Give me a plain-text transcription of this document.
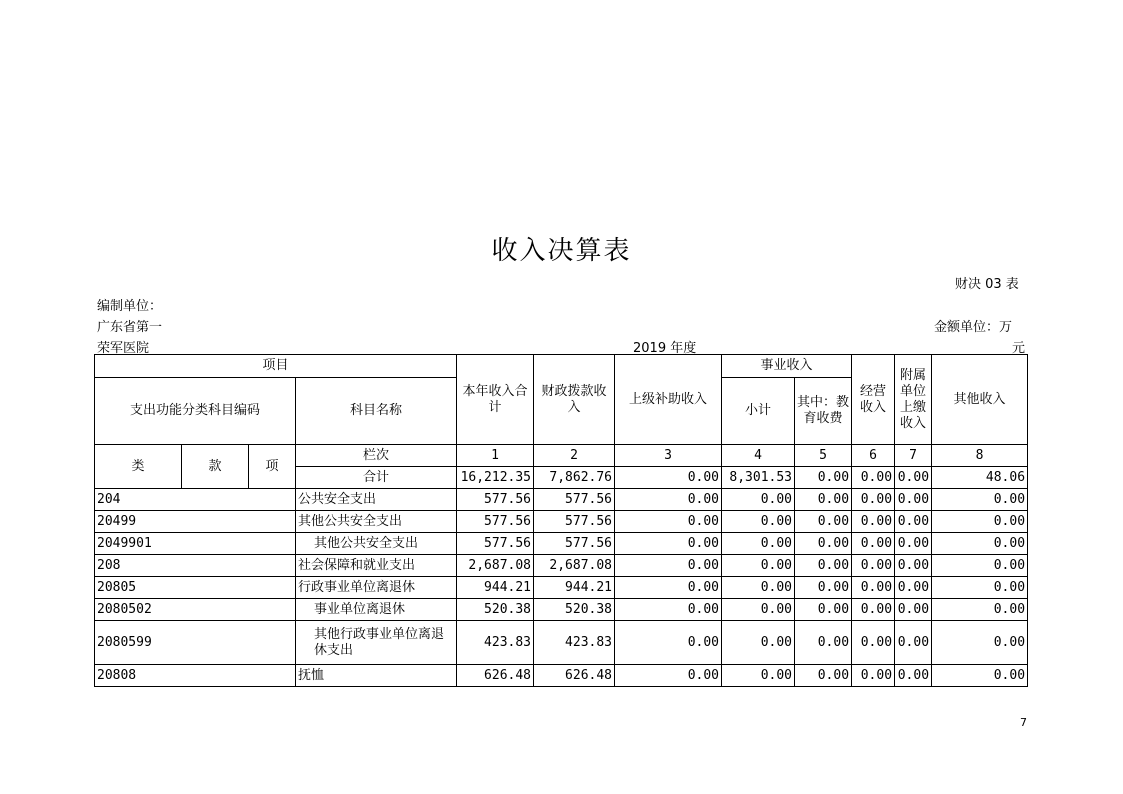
收入决算表
财决 03 表
编制单位：
广东省第一	金额单位：万
荣军医院	2019 年度	元
项目				本年收入合计	财政拨款收入	上级补助收入	事业收入		经营收入	附属单位上缴收入	其他收入
支出功能分类科目编码			科目名称				小计	其中：教育收费			
类	款	项	栏次	1	2	3	4	5	6	7	8
			合计	16,212.35	7,862.76	0.00	8,301.53	0.00	0.00	0.00	48.06
204			公共安全支出	577.56	577.56	0.00	0.00	0.00	0.00	0.00	0.00
20499			其他公共安全支出	577.56	577.56	0.00	0.00	0.00	0.00	0.00	0.00
2049901			其他公共安全支出	577.56	577.56	0.00	0.00	0.00	0.00	0.00	0.00
208			社会保障和就业支出	2,687.08	2,687.08	0.00	0.00	0.00	0.00	0.00	0.00
20805			行政事业单位离退休	944.21	944.21	0.00	0.00	0.00	0.00	0.00	0.00
2080502			事业单位离退休	520.38	520.38	0.00	0.00	0.00	0.00	0.00	0.00
2080599			其他行政事业单位离退休支出	423.83	423.83	0.00	0.00	0.00	0.00	0.00	0.00
20808			抚恤	626.48	626.48	0.00	0.00	0.00	0.00	0.00	0.00
7
